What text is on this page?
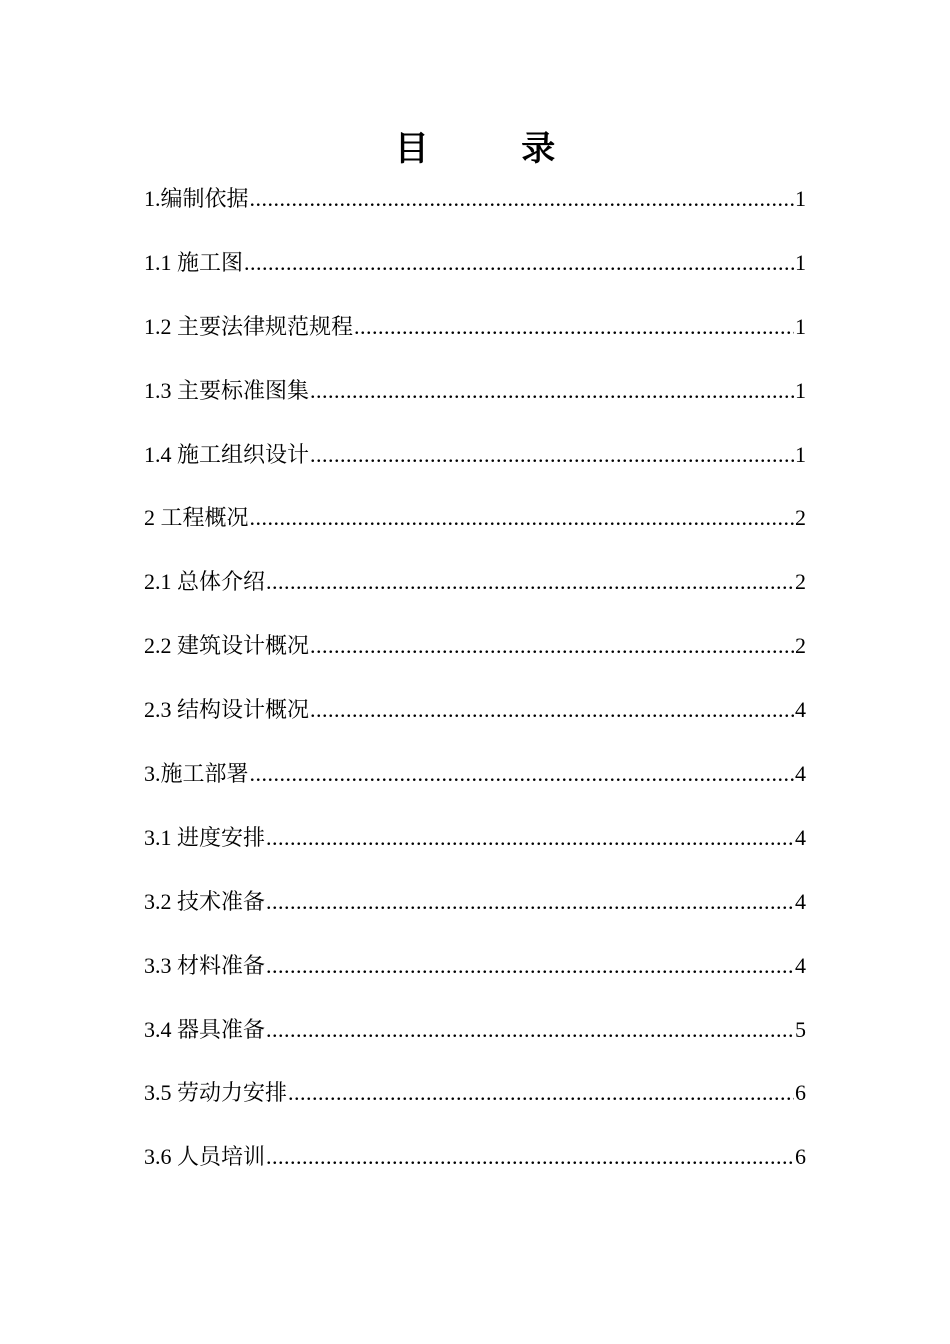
目 录
1.编制依据 .....	1
1.1 施工图 .....	1
1.2 主要法律规范规程 .....	1
1.3 主要标准图集 .....	1
1.4 施工组织设计 .....	1
2 工程概况 .....	2
2.1 总体介绍 .....	2
2.2 建筑设计概况 .....	2
2.3 结构设计概况 .....	4
3.施工部署 .....	4
3.1 进度安排 .....	4
3.2 技术准备 .....	4
3.3 材料准备 .....	4
3.4 器具准备 .....	5
3.5 劳动力安排 .....	6
3.6 人员培训 .....	6
